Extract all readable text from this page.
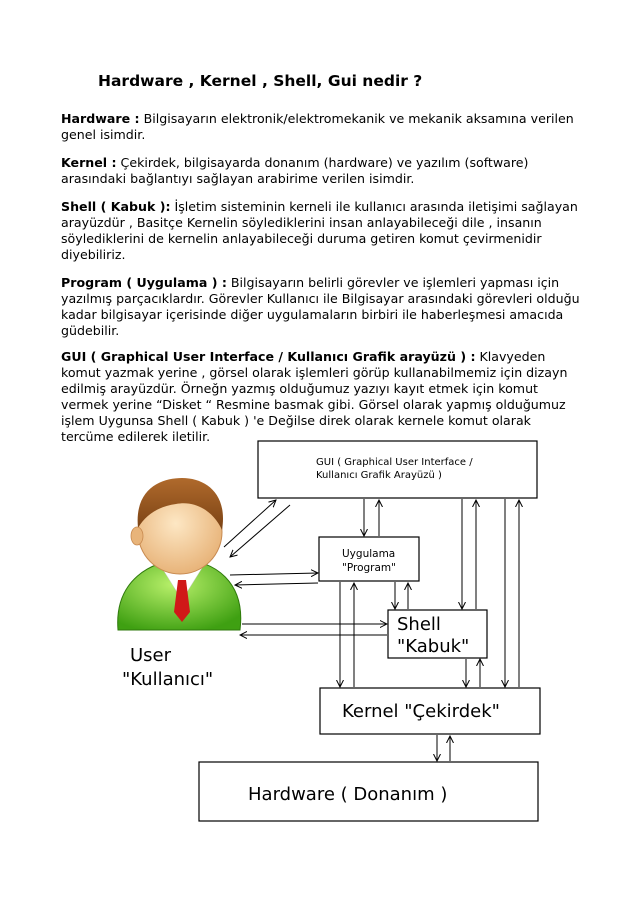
Hardware , Kernel , Shell, Gui nedir ?

Hardware : Bilgisayarın elektronik/elektromekanik ve mekanik aksamına verilen genel isimdir.

Kernel : Çekirdek, bilgisayarda donanım (hardware) ve yazılım (software) arasındaki bağlantıyı sağlayan arabirime verilen isimdir.

Shell ( Kabuk ): İşletim sisteminin kerneli ile kullanıcı arasında iletişimi sağlayan arayüzdür , Basitçe Kernelin söylediklerini insan anlayabileceği dile , insanın söylediklerini de kernelin anlayabileceği duruma getiren komut çevirmenidir diyebiliriz.

Program ( Uygulama ) : Bilgisayarın belirli görevler ve işlemleri yapması için yazılmış parçacıklardır. Görevler Kullanıcı ile Bilgisayar arasındaki görevleri olduğu kadar bilgisayar içerisinde diğer uygulamaların birbiri ile haberleşmesi amacıda güdebilir.

GUI ( Graphical User Interface / Kullanıcı Grafik arayüzü ) : Klavyeden komut yazmak yerine , görsel olarak işlemleri görüp kullanabilmemiz için dizayn edilmiş arayüzdür. Örneğn yazmış olduğumuz yazıyı kayıt etmek için komut vermek yerine “Disket “ Resmine basmak gibi. Görsel olarak yapmış olduğumuz işlem Uygunsa Shell ( Kabuk ) 'e Değilse direk olarak kernele komut olarak tercüme edilerek iletilir.

User
"Kullanıcı"
GUI ( Graphical User Interface /
Kullanıcı Grafik Arayüzü )
Uygulama
"Program"
Shell
"Kabuk"
Kernel "Çekirdek"
Hardware ( Donanım )
